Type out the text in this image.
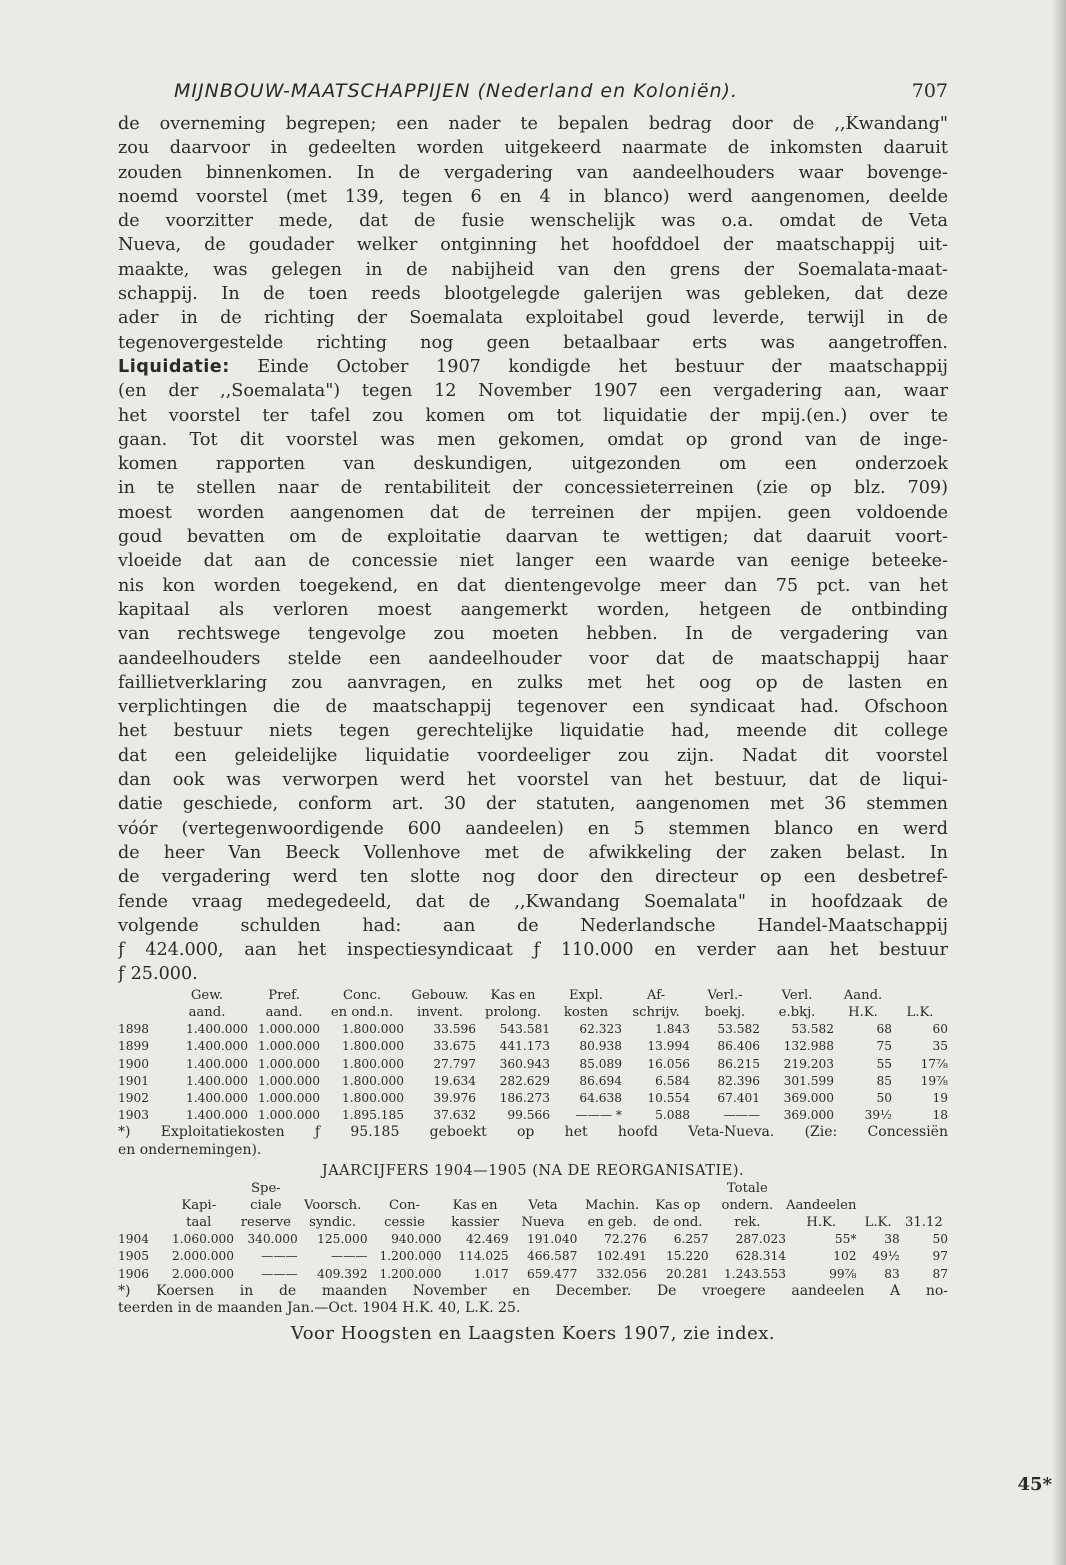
MIJNBOUW-MAATSCHAPPIJEN (Nederland en Koloniën).	707
de overneming begrepen; een nader te bepalen bedrag door de ,,Kwandang"
zou daarvoor in gedeelten worden uitgekeerd naarmate de inkomsten daaruit
zouden binnenkomen. In de vergadering van aandeelhouders waar bovenge-
noemd voorstel (met 139, tegen 6 en 4 in blanco) werd aangenomen, deelde
de voorzitter mede, dat de fusie wenschelijk was o.a. omdat de Veta
Nueva, de goudader welker ontginning het hoofddoel der maatschappij uit-
maakte, was gelegen in de nabijheid van den grens der Soemalata-maat-
schappij. In de toen reeds blootgelegde galerijen was gebleken, dat deze
ader in de richting der Soemalata exploitabel goud leverde, terwijl in de
tegenovergestelde richting nog geen betaalbaar erts was aangetroffen.
Liquidatie: Einde October 1907 kondigde het bestuur der maatschappij
(en der ,,Soemalata") tegen 12 November 1907 een vergadering aan, waar
het voorstel ter tafel zou komen om tot liquidatie der mpij.(en.) over te
gaan. Tot dit voorstel was men gekomen, omdat op grond van de inge-
komen rapporten van deskundigen, uitgezonden om een onderzoek
in te stellen naar de rentabiliteit der concessieterreinen (zie op blz. 709)
moest worden aangenomen dat de terreinen der mpijen. geen voldoende
goud bevatten om de exploitatie daarvan te wettigen; dat daaruit voort-
vloeide dat aan de concessie niet langer een waarde van eenige beteeke-
nis kon worden toegekend, en dat dientengevolge meer dan 75 pct. van het
kapitaal als verloren moest aangemerkt worden, hetgeen de ontbinding
van rechtswege tengevolge zou moeten hebben. In de vergadering van
aandeelhouders stelde een aandeelhouder voor dat de maatschappij haar
faillietverklaring zou aanvragen, en zulks met het oog op de lasten en
verplichtingen die de maatschappij tegenover een syndicaat had. Ofschoon
het bestuur niets tegen gerechtelijke liquidatie had, meende dit college
dat een geleidelijke liquidatie voordeeliger zou zijn. Nadat dit voorstel
dan ook was verworpen werd het voorstel van het bestuur, dat de liqui-
datie geschiede, conform art. 30 der statuten, aangenomen met 36 stemmen
vóór (vertegenwoordigende 600 aandeelen) en 5 stemmen blanco en werd
de heer Van Beeck Vollenhove met de afwikkeling der zaken belast. In
de vergadering werd ten slotte nog door den directeur op een desbetref-
fende vraag medegedeeld, dat de ,,Kwandang Soemalata" in hoofdzaak de
volgende schulden had: aan de Nederlandsche Handel-Maatschappij
ƒ 424.000, aan het inspectiesyndicaat ƒ 110.000 en verder aan het bestuur
ƒ 25.000.
	Gew.	Pref.	Conc.	Gebouw.	Kas en	Expl.	Af-	Verl.-	Verl.	Aand.	
	aand.	aand.	en ond.n.	invent.	prolong.	kosten	schrijv.	boekj.	e.bkj.	H.K.	L.K.
1898	1.400.000	1.000.000	1.800.000	33.596	543.581	62.323	1.843	53.582	53.582	68	60
1899	1.400.000	1.000.000	1.800.000	33.675	441.173	80.938	13.994	86.406	132.988	75	35
1900	1.400.000	1.000.000	1.800.000	27.797	360.943	85.089	16.056	86.215	219.203	55	17⅞
1901	1.400.000	1.000.000	1.800.000	19.634	282.629	86.694	6.584	82.396	301.599	85	19⅞
1902	1.400.000	1.000.000	1.800.000	39.976	186.273	64.638	10.554	67.401	369.000	50	19
1903	1.400.000	1.000.000	1.895.185	37.632	99.566	——— *	5.088	———	369.000	39½	18
*) Exploitatiekosten ƒ 95.185 geboekt op het hoofd Veta-Nueva. (Zie: Concessiën
en ondernemingen).
JAARCIJFERS 1904—1905 (NA DE REORGANISATIE).
		Spe-							Totale			
	Kapi-	ciale	Voorsch.	Con-	Kas en	Veta	Machin.	Kas op	ondern.	Aandeelen		
	taal	reserve	syndic.	cessie	kassier	Nueva	en geb.	de ond.	rek.	H.K.	L.K.	31.12
1904	1.060.000	340.000	125.000	940.000	42.469	191.040	72.276	6.257	287.023	55*	38	50
1905	2.000.000	———	———	1.200.000	114.025	466.587	102.491	15.220	628.314	102	49½	97
1906	2.000.000	———	409.392	1.200.000	1.017	659.477	332.056	20.281	1.243.553	99⅞	83	87
*) Koersen in de maanden November en December. De vroegere aandeelen A no-
teerden in de maanden Jan.—Oct. 1904 H.K. 40, L.K. 25.
Voor Hoogsten en Laagsten Koers 1907, zie index.
45*
